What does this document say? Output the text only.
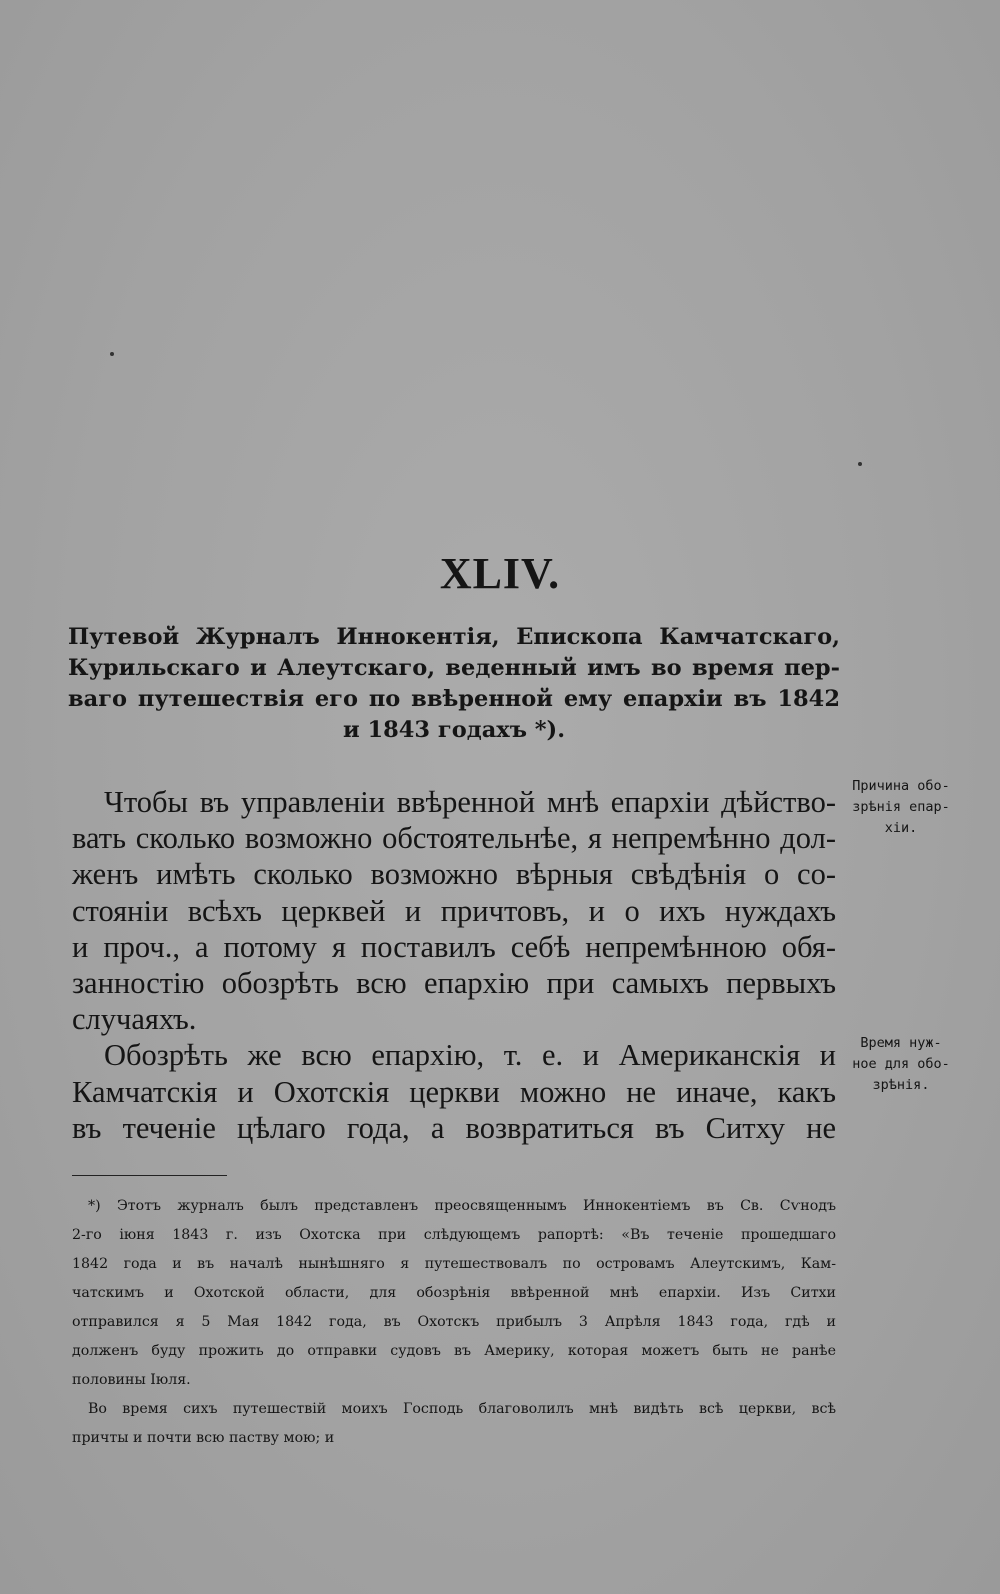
XLIV.
Путевой Журналъ Иннокентія, Епископа Камчатскаго,
Курильскаго и Алеутскаго, веденный имъ во время пер-
ваго путешествія его по ввѣренной ему епархіи въ 1842
и 1843 годахъ *).
Чтобы въ управленіи ввѣренной мнѣ епархіи дѣйство-
вать сколько возможно обстоятельнѣе, я непремѣнно дол-
женъ имѣть сколько возможно вѣрныя свѣдѣнія о со-
стояніи всѣхъ церквей и причтовъ, и о ихъ нуждахъ
и проч., а потому я поставилъ себѣ непремѣнною обя-
занностію обозрѣть всю епархію при самыхъ первыхъ
случаяхъ.
Обозрѣть же всю епархію, т. е. и Американскія и
Камчатскія и Охотскія церкви можно не иначе, какъ
въ теченіе цѣлаго года, а возвратиться въ Ситху не
Причина обо-
зрѣнія епар-
хіи.
Время нуж-
ное для обо-
зрѣнія.
*) Этотъ журналъ былъ представленъ преосвященнымъ Иннокентіемъ въ Св. Сѵнодъ
2-го іюня 1843 г. изъ Охотска при слѣдующемъ рапортѣ: «Въ теченіе прошедшаго
1842 года и въ началѣ нынѣшняго я путешествовалъ по островамъ Алеутскимъ, Кам-
чатскимъ и Охотской области, для обозрѣнія ввѣренной мнѣ епархіи. Изъ Ситхи
отправился я 5 Мая 1842 года, въ Охотскъ прибылъ 3 Апрѣля 1843 года, гдѣ и
долженъ буду прожить до отправки судовъ въ Америку, которая можетъ быть не ранѣе
половины Іюля.
Во время сихъ путешествій моихъ Господь благоволилъ мнѣ видѣть всѣ церкви, всѣ
причты и почти всю паству мою; и
